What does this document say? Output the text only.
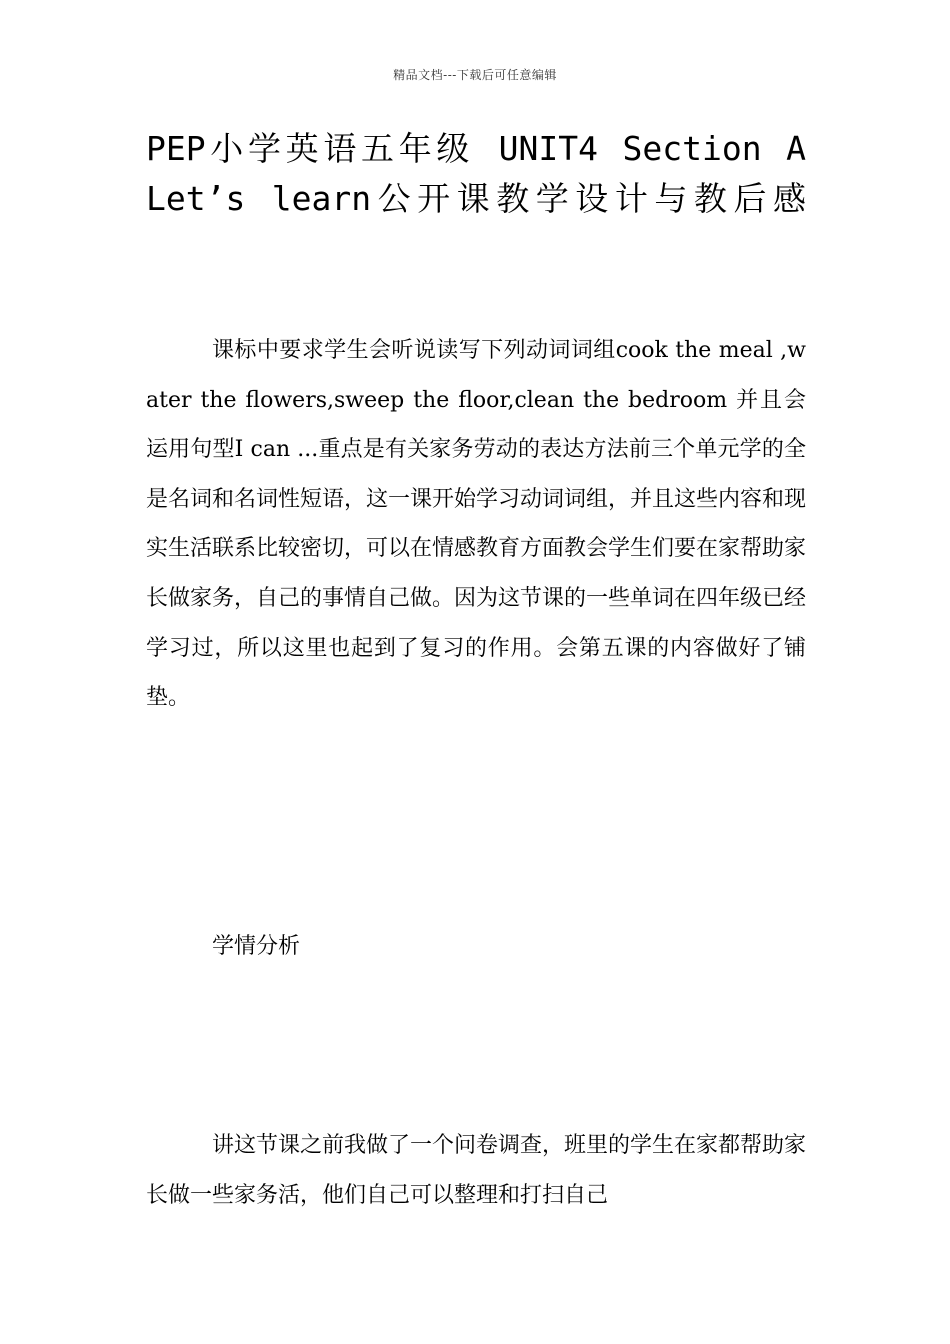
精品文档---下载后可任意编辑
PEP小学英语五年级 UNIT4 Section A
Let’s learn公开课教学设计与教后感

课标中要求学生会听说读写下列动词词组cook the meal ,water the flowers,sweep the floor,clean the bedroom 并且会运用句型I can ...重点是有关家务劳动的表达方法前三个单元学的全是名词和名词性短语，这一课开始学习动词词组，并且这些内容和现实生活联系比较密切，可以在情感教育方面教会学生们要在家帮助家长做家务，自己的事情自己做。因为这节课的一些单词在四年级已经学习过，所以这里也起到了复习的作用。会第五课的内容做好了铺垫。

学情分析

讲这节课之前我做了一个问卷调查，班里的学生在家都帮助家长做一些家务活，他们自己可以整理和打扫自己
